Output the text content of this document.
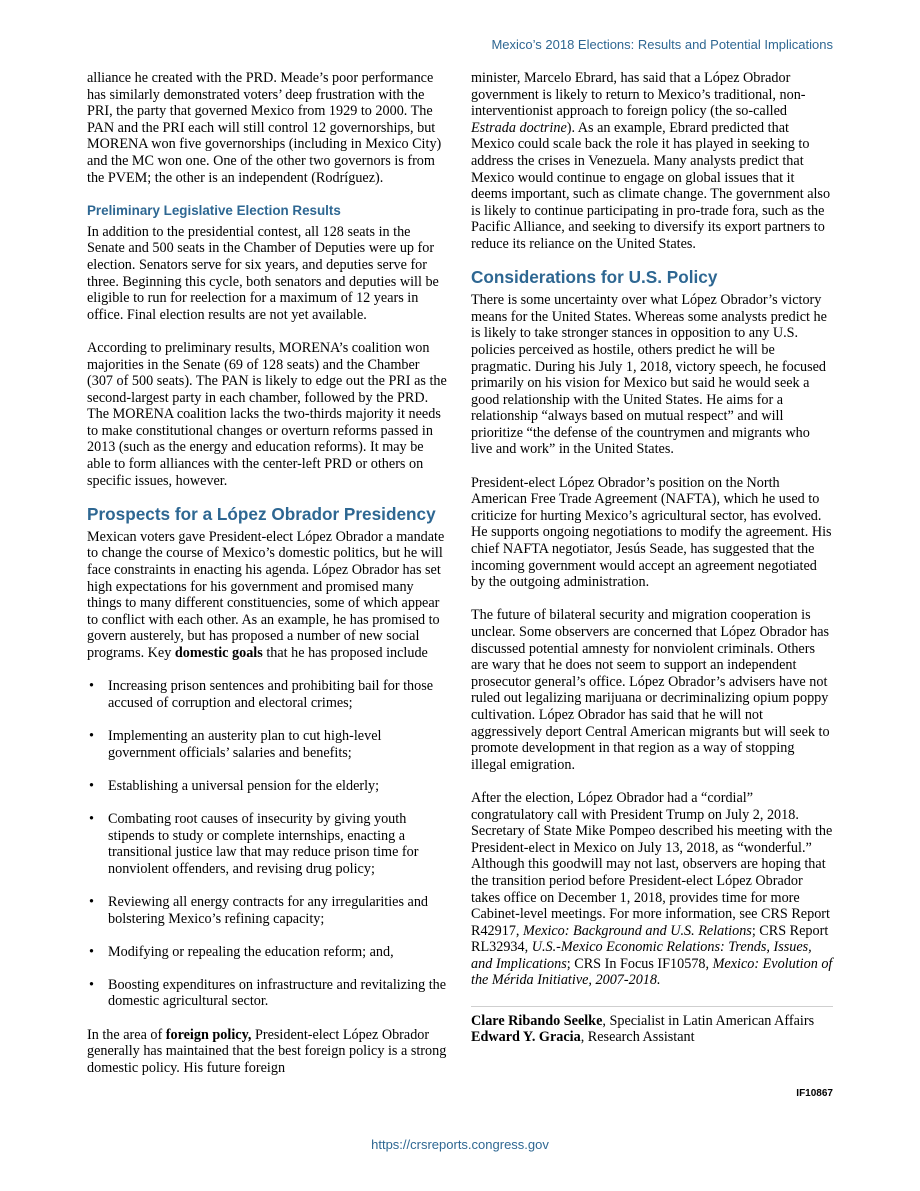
Mexico’s 2018 Elections: Results and Potential Implications

alliance he created with the PRD. Meade’s poor performance has similarly demonstrated voters’ deep frustration with the PRI, the party that governed Mexico from 1929 to 2000. The PAN and the PRI each will still control 12 governorships, but MORENA won five governorships (including in Mexico City) and the MC won one. One of the other two governors is from the PVEM; the other is an independent (Rodríguez).

Preliminary Legislative Election Results

In addition to the presidential contest, all 128 seats in the Senate and 500 seats in the Chamber of Deputies were up for election. Senators serve for six years, and deputies serve for three. Beginning this cycle, both senators and deputies will be eligible to run for reelection for a maximum of 12 years in office. Final election results are not yet available.

According to preliminary results, MORENA’s coalition won majorities in the Senate (69 of 128 seats) and the Chamber (307 of 500 seats). The PAN is likely to edge out the PRI as the second-largest party in each chamber, followed by the PRD. The MORENA coalition lacks the two-thirds majority it needs to make constitutional changes or overturn reforms passed in 2013 (such as the energy and education reforms). It may be able to form alliances with the center-left PRD or others on specific issues, however.

Prospects for a López Obrador Presidency

Mexican voters gave President-elect López Obrador a mandate to change the course of Mexico’s domestic politics, but he will face constraints in enacting his agenda. López Obrador has set high expectations for his government and promised many things to many different constituencies, some of which appear to conflict with each other. As an example, he has promised to govern austerely, but has proposed a number of new social programs. Key domestic goals that he has proposed include

• Increasing prison sentences and prohibiting bail for those accused of corruption and electoral crimes;
• Implementing an austerity plan to cut high-level government officials’ salaries and benefits;
• Establishing a universal pension for the elderly;
• Combating root causes of insecurity by giving youth stipends to study or complete internships, enacting a transitional justice law that may reduce prison time for nonviolent offenders, and revising drug policy;
• Reviewing all energy contracts for any irregularities and bolstering Mexico’s refining capacity;
• Modifying or repealing the education reform; and,
• Boosting expenditures on infrastructure and revitalizing the domestic agricultural sector.

In the area of foreign policy, President-elect López Obrador generally has maintained that the best foreign policy is a strong domestic policy. His future foreign

minister, Marcelo Ebrard, has said that a López Obrador government is likely to return to Mexico’s traditional, non-interventionist approach to foreign policy (the so-called Estrada doctrine). As an example, Ebrard predicted that Mexico could scale back the role it has played in seeking to address the crises in Venezuela. Many analysts predict that Mexico would continue to engage on global issues that it deems important, such as climate change. The government also is likely to continue participating in pro-trade fora, such as the Pacific Alliance, and seeking to diversify its export partners to reduce its reliance on the United States.

Considerations for U.S. Policy

There is some uncertainty over what López Obrador’s victory means for the United States. Whereas some analysts predict he is likely to take stronger stances in opposition to any U.S. policies perceived as hostile, others predict he will be pragmatic. During his July 1, 2018, victory speech, he focused primarily on his vision for Mexico but said he would seek a good relationship with the United States. He aims for a relationship “always based on mutual respect” and will prioritize “the defense of the countrymen and migrants who live and work” in the United States.

President-elect López Obrador’s position on the North American Free Trade Agreement (NAFTA), which he used to criticize for hurting Mexico’s agricultural sector, has evolved. He supports ongoing negotiations to modify the agreement. His chief NAFTA negotiator, Jesús Seade, has suggested that the incoming government would accept an agreement negotiated by the outgoing administration.

The future of bilateral security and migration cooperation is unclear. Some observers are concerned that López Obrador has discussed potential amnesty for nonviolent criminals. Others are wary that he does not seem to support an independent prosecutor general’s office. López Obrador’s advisers have not ruled out legalizing marijuana or decriminalizing opium poppy cultivation. López Obrador has said that he will not aggressively deport Central American migrants but will seek to promote development in that region as a way of stopping illegal emigration.

After the election, López Obrador had a “cordial” congratulatory call with President Trump on July 2, 2018. Secretary of State Mike Pompeo described his meeting with the President-elect in Mexico on July 13, 2018, as “wonderful.” Although this goodwill may not last, observers are hoping that the transition period before President-elect López Obrador takes office on December 1, 2018, provides time for more Cabinet-level meetings. For more information, see CRS Report R42917, Mexico: Background and U.S. Relations; CRS Report RL32934, U.S.-Mexico Economic Relations: Trends, Issues, and Implications; CRS In Focus IF10578, Mexico: Evolution of the Mérida Initiative, 2007-2018.

Clare Ribando Seelke, Specialist in Latin American Affairs

Edward Y. Gracia, Research Assistant

IF10867
https://crsreports.congress.gov
